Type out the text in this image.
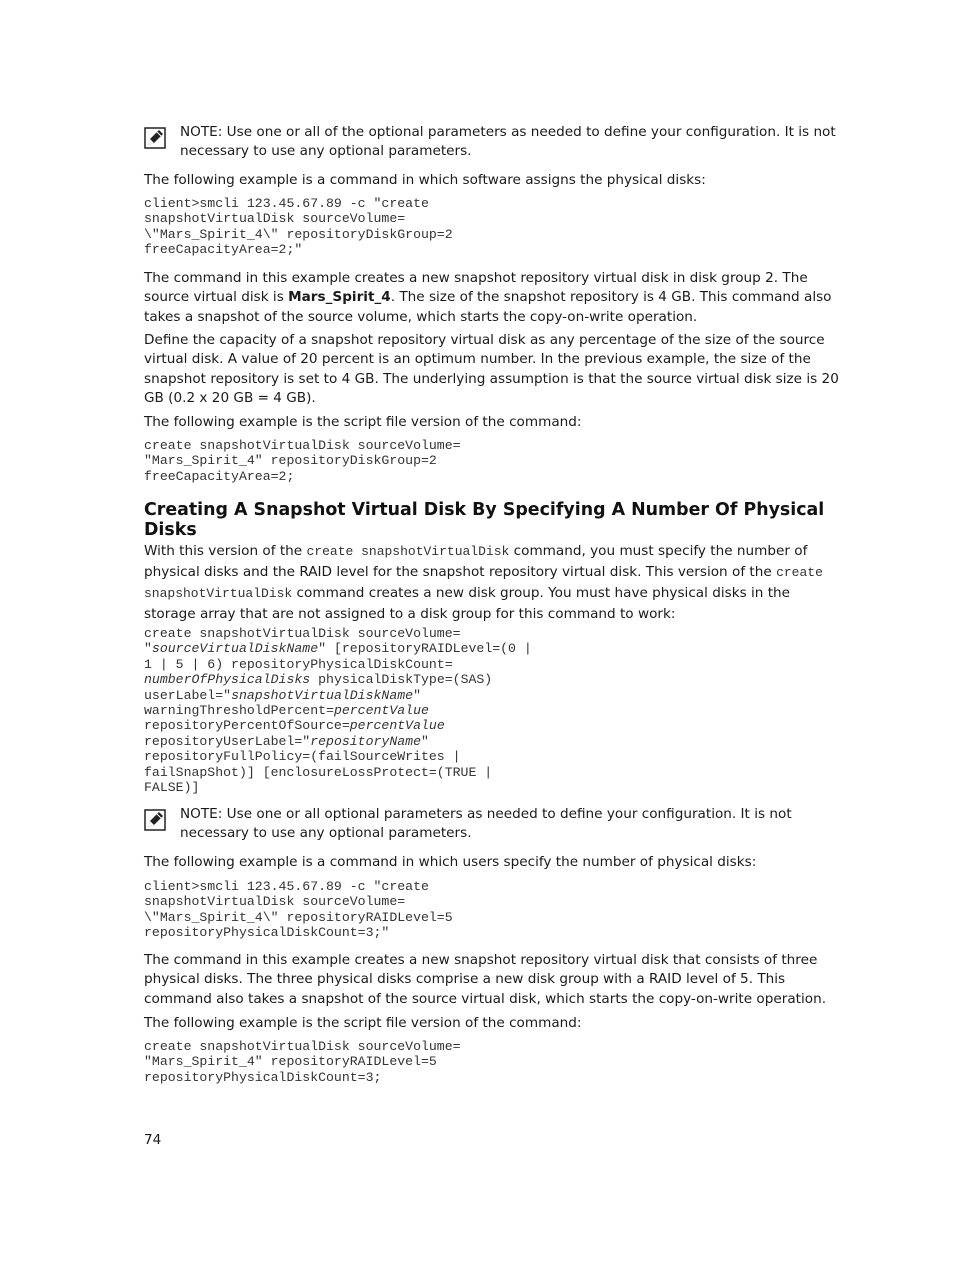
NOTE: Use one or all of the optional parameters as needed to define your configuration. It is not necessary to use any optional parameters.

The following example is a command in which software assigns the physical disks:

client>smcli 123.45.67.89 -c "create
snapshotVirtualDisk sourceVolume=
\"Mars_Spirit_4\" repositoryDiskGroup=2
freeCapacityArea=2;"

The command in this example creates a new snapshot repository virtual disk in disk group 2. The source virtual disk is Mars_Spirit_4. The size of the snapshot repository is 4 GB. This command also takes a snapshot of the source volume, which starts the copy-on-write operation.

Define the capacity of a snapshot repository virtual disk as any percentage of the size of the source virtual disk. A value of 20 percent is an optimum number. In the previous example, the size of the snapshot repository is set to 4 GB. The underlying assumption is that the source virtual disk size is 20 GB (0.2 x 20 GB = 4 GB).

The following example is the script file version of the command:

create snapshotVirtualDisk sourceVolume=
"Mars_Spirit_4" repositoryDiskGroup=2
freeCapacityArea=2;
Creating A Snapshot Virtual Disk By Specifying A Number Of Physical Disks

With this version of the create snapshotVirtualDisk command, you must specify the number of physical disks and the RAID level for the snapshot repository virtual disk. This version of the create snapshotVirtualDisk command creates a new disk group. You must have physical disks in the storage array that are not assigned to a disk group for this command to work:

create snapshotVirtualDisk sourceVolume=
"sourceVirtualDiskName" [repositoryRAIDLevel=(0 |
1 | 5 | 6) repositoryPhysicalDiskCount=
numberOfPhysicalDisks physicalDiskType=(SAS)
userLabel="snapshotVirtualDiskName"
warningThresholdPercent=percentValue
repositoryPercentOfSource=percentValue
repositoryUserLabel="repositoryName"
repositoryFullPolicy=(failSourceWrites |
failSnapShot)] [enclosureLossProtect=(TRUE |
FALSE)]

NOTE: Use one or all optional parameters as needed to define your configuration. It is not necessary to use any optional parameters.

The following example is a command in which users specify the number of physical disks:

client>smcli 123.45.67.89 -c "create
snapshotVirtualDisk sourceVolume=
\"Mars_Spirit_4\" repositoryRAIDLevel=5
repositoryPhysicalDiskCount=3;"

The command in this example creates a new snapshot repository virtual disk that consists of three physical disks. The three physical disks comprise a new disk group with a RAID level of 5. This command also takes a snapshot of the source virtual disk, which starts the copy-on-write operation.

The following example is the script file version of the command:

create snapshotVirtualDisk sourceVolume=
"Mars_Spirit_4" repositoryRAIDLevel=5
repositoryPhysicalDiskCount=3;
74
